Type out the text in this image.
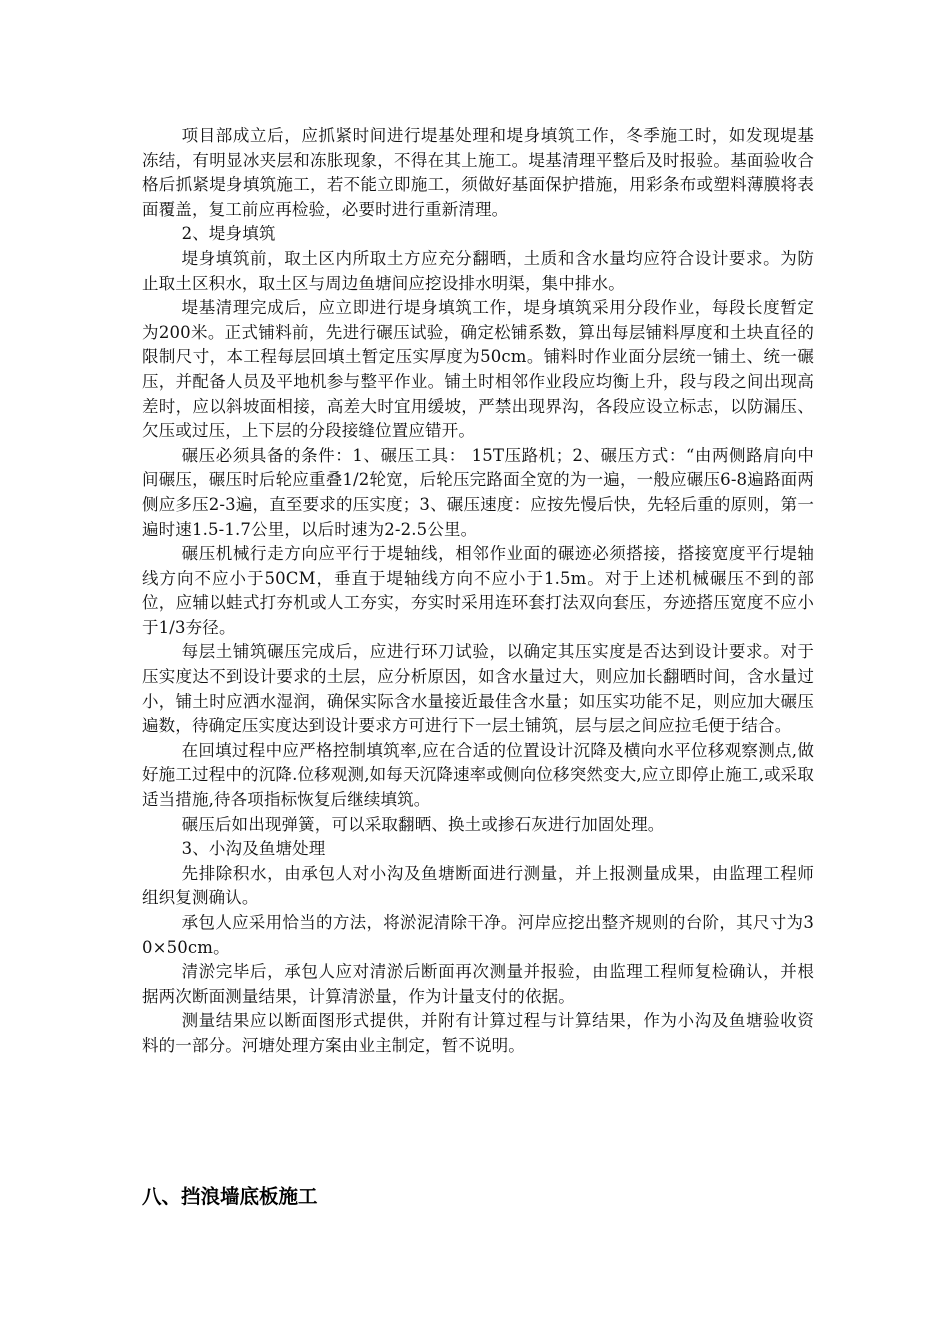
项目部成立后，应抓紧时间进行堤基处理和堤身填筑工作，冬季施工时，如发现堤基冻结，有明显冰夹层和冻胀现象，不得在其上施工。堤基清理平整后及时报验。基面验收合格后抓紧堤身填筑施工，若不能立即施工，须做好基面保护措施，用彩条布或塑料薄膜将表面覆盖，复工前应再检验，必要时进行重新清理。

2、堤身填筑

堤身填筑前，取土区内所取土方应充分翻晒，土质和含水量均应符合设计要求。为防止取土区积水，取土区与周边鱼塘间应挖设排水明渠，集中排水。

堤基清理完成后，应立即进行堤身填筑工作，堤身填筑采用分段作业，每段长度暂定为200米。正式铺料前，先进行碾压试验，确定松铺系数，算出每层铺料厚度和土块直径的限制尺寸，本工程每层回填土暂定压实厚度为50cm。铺料时作业面分层统一铺土、统一碾压，并配备人员及平地机参与整平作业。铺土时相邻作业段应均衡上升，段与段之间出现高差时，应以斜坡面相接，高差大时宜用缓坡，严禁出现界沟，各段应设立标志，以防漏压、欠压或过压，上下层的分段接缝位置应错开。

碾压必须具备的条件：1、碾压工具： 15T压路机；2、碾压方式：“由两侧路肩向中间碾压，碾压时后轮应重叠1/2轮宽，后轮压完路面全宽的为一遍，一般应碾压6-8遍路面两侧应多压2-3遍，直至要求的压实度；3、碾压速度：应按先慢后快，先轻后重的原则，第一遍时速1.5-1.7公里，以后时速为2-2.5公里。

碾压机械行走方向应平行于堤轴线，相邻作业面的碾迹必须搭接，搭接宽度平行堤轴线方向不应小于50CM，垂直于堤轴线方向不应小于1.5m。对于上述机械碾压不到的部位，应辅以蛙式打夯机或人工夯实，夯实时采用连环套打法双向套压，夯迹搭压宽度不应小于1/3夯径。

每层土铺筑碾压完成后，应进行环刀试验，以确定其压实度是否达到设计要求。对于压实度达不到设计要求的土层，应分析原因，如含水量过大，则应加长翻晒时间，含水量过小，铺土时应洒水湿润，确保实际含水量接近最佳含水量；如压实功能不足，则应加大碾压遍数，待确定压实度达到设计要求方可进行下一层土铺筑，层与层之间应拉毛便于结合。

在回填过程中应严格控制填筑率,应在合适的位置设计沉降及横向水平位移观察测点,做好施工过程中的沉降.位移观测,如每天沉降速率或侧向位移突然变大,应立即停止施工,或采取适当措施,待各项指标恢复后继续填筑。

碾压后如出现弹簧，可以采取翻晒、换土或掺石灰进行加固处理。

3、小沟及鱼塘处理

先排除积水，由承包人对小沟及鱼塘断面进行测量，并上报测量成果，由监理工程师组织复测确认。

承包人应采用恰当的方法，将淤泥清除干净。河岸应挖出整齐规则的台阶，其尺寸为30×50cm。

清淤完毕后，承包人应对清淤后断面再次测量并报验，由监理工程师复检确认，并根据两次断面测量结果，计算清淤量，作为计量支付的依据。

测量结果应以断面图形式提供，并附有计算过程与计算结果，作为小沟及鱼塘验收资料的一部分。河塘处理方案由业主制定，暂不说明。

八、挡浪墙底板施工
